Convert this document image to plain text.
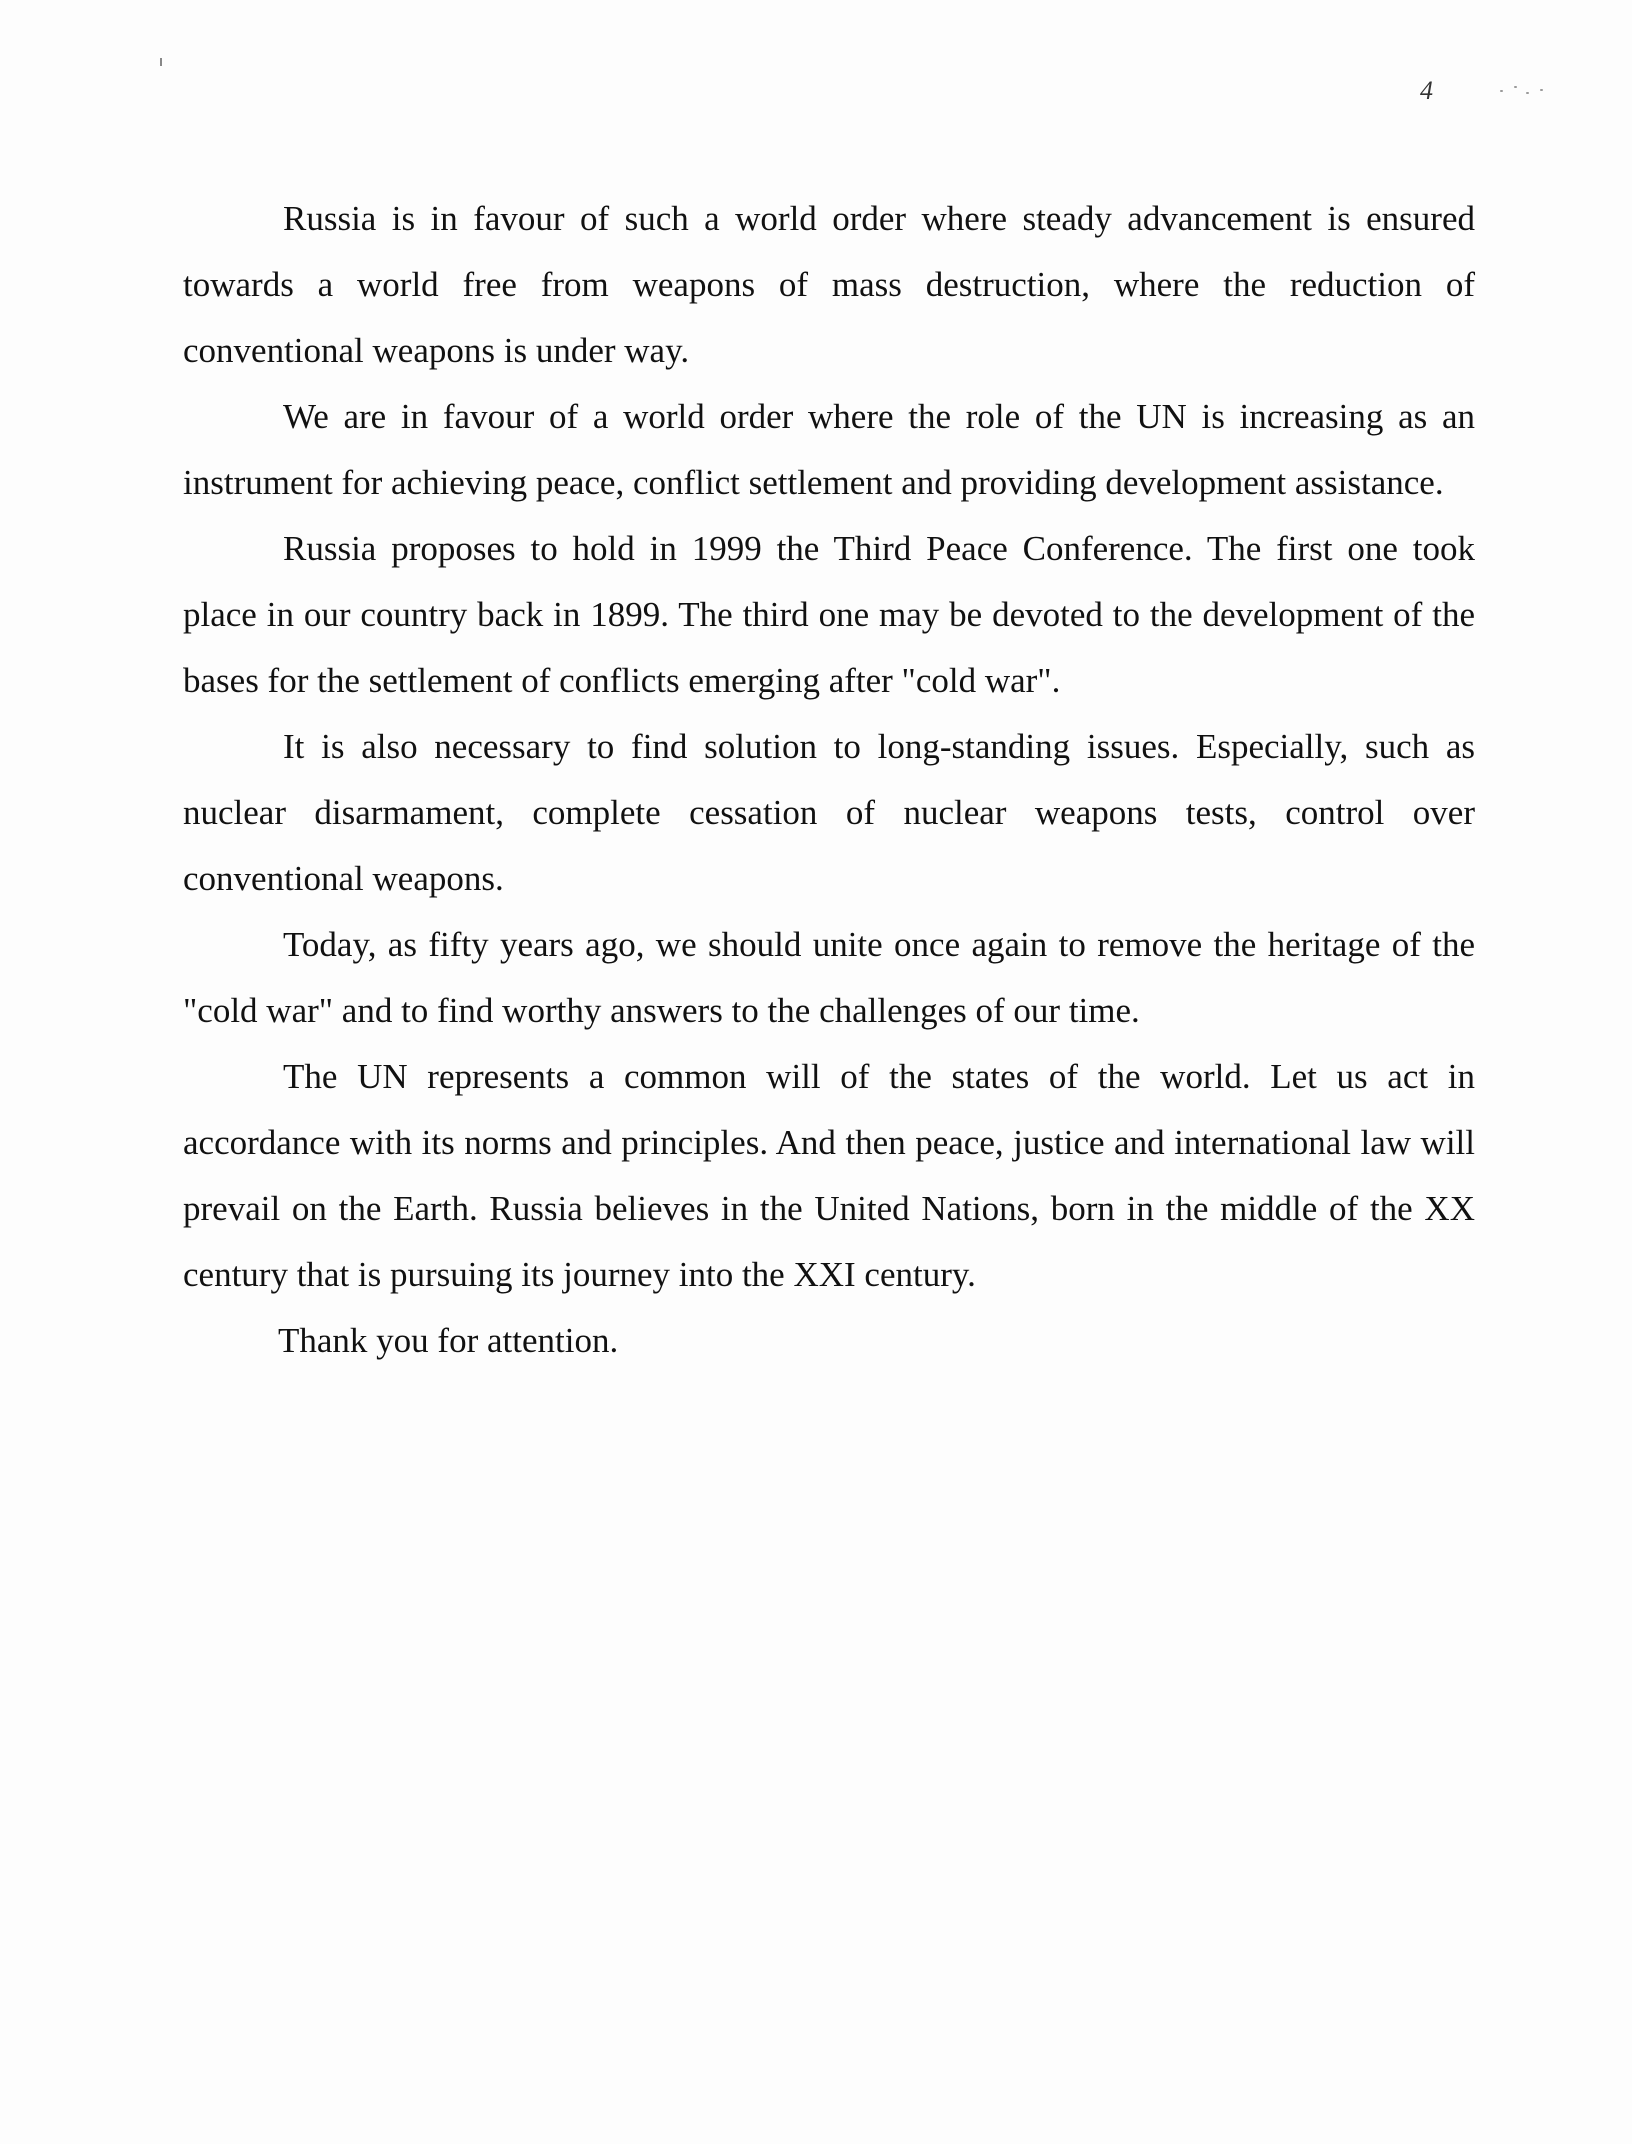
4

Russia is in favour of such a world order where steady advancement is ensured towards a world free from weapons of mass destruction, where the reduction of conventional weapons is under way.

We are in favour of a world order where the role of the UN is increasing as an instrument for achieving peace, conflict settlement and providing development assistance.

Russia proposes to hold in 1999 the Third Peace Conference. The first one took place in our country back in 1899. The third one may be devoted to the development of the bases for the settlement of conflicts emerging after "cold war".

It is also necessary to find solution to long-standing issues. Especially, such as nuclear disarmament, complete cessation of nuclear weapons tests, control over conventional weapons.

Today, as fifty years ago, we should unite once again to remove the heritage of the "cold war" and to find worthy answers to the challenges of our time.

The UN represents a common will of the states of the world. Let us act in accordance with its norms and principles. And then peace, justice and international law will prevail on the Earth. Russia believes in the United Nations, born in the middle of the XX century that is pursuing its journey into the XXI century.

Thank you for attention.
